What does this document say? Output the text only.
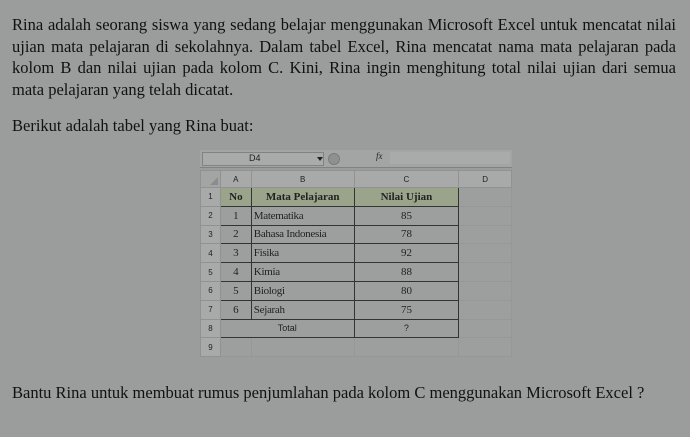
Rina adalah seorang siswa yang sedang belajar menggunakan Microsoft Excel untuk mencatat nilai ujian mata pelajaran di sekolahnya. Dalam tabel Excel, Rina mencatat nama mata pelajaran pada kolom B dan nilai ujian pada kolom C. Kini, Rina ingin menghitung total nilai ujian dari semua mata pelajaran yang telah dicatat.

Berikut adalah tabel yang Rina buat:

D4	fx
	A	B	C	D
1	No	Mata Pelajaran	Nilai Ujian	
2	1	Matematika	85	
3	2	Bahasa Indonesia	78	
4	3	Fisika	92	
5	4	Kimia	88	
6	5	Biologi	80	
7	6	Sejarah	75	
8	Total		?	
9				

Bantu Rina untuk membuat rumus penjumlahan pada kolom C menggunakan Microsoft Excel ?
